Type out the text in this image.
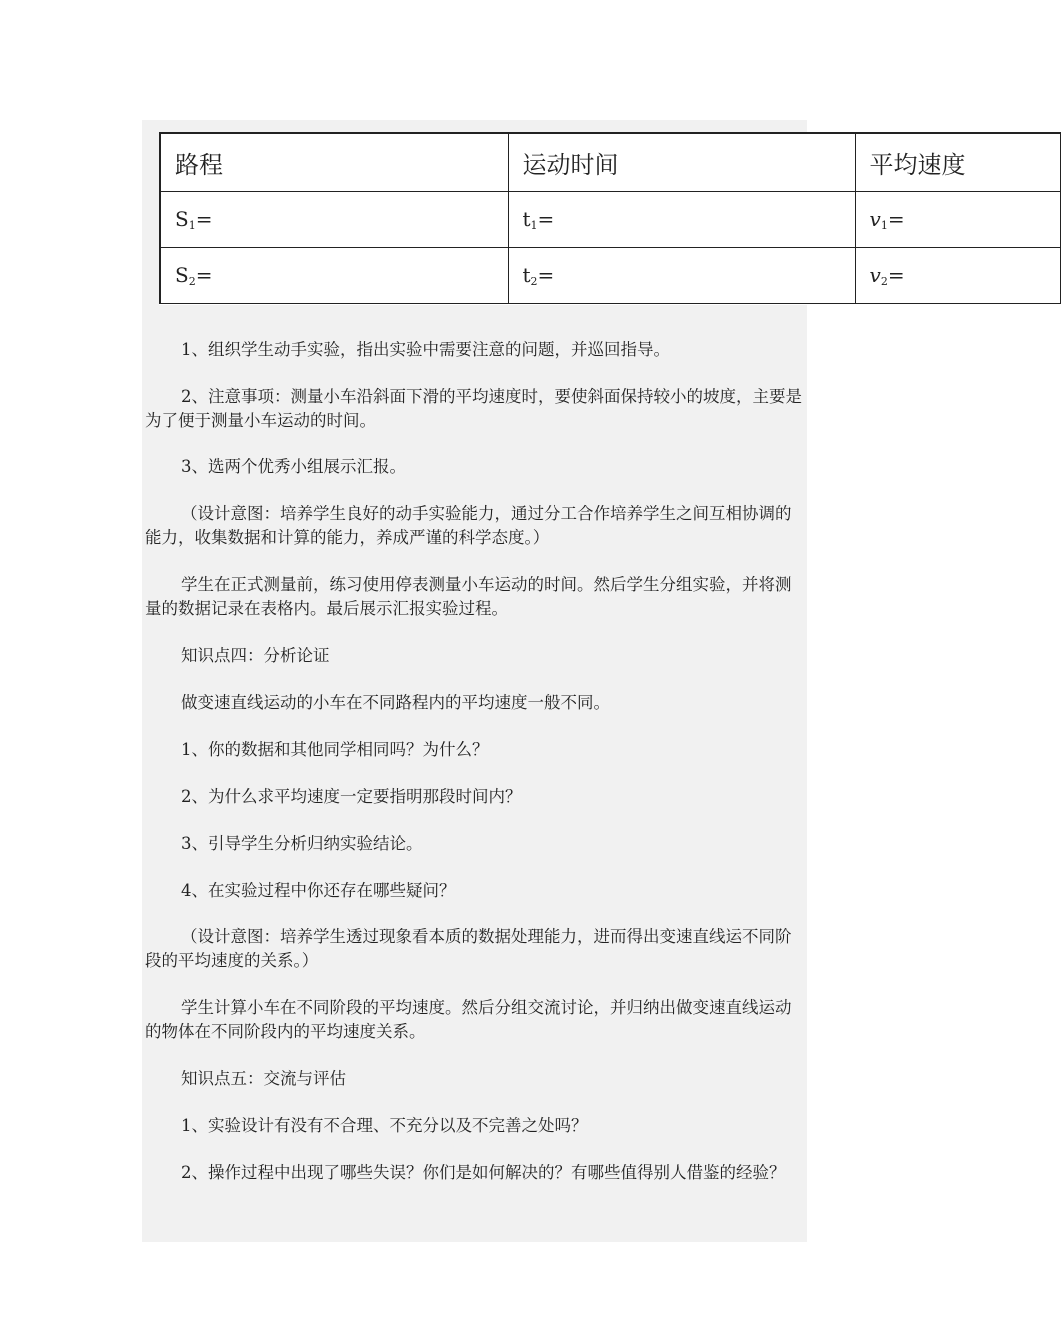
路程	运动时间	平均速度
$S_1=$	$t_1=$	$v_1=$
$S_2=$	$t_2=$	$v_2=$

1、组织学生动手实验，指出实验中需要注意的问题，并巡回指导。

2、注意事项：测量小车沿斜面下滑的平均速度时，要使斜面保持较小的坡度，主要是为了便于测量小车运动的时间。

3、选两个优秀小组展示汇报。

（设计意图：培养学生良好的动手实验能力，通过分工合作培养学生之间互相协调的能力，收集数据和计算的能力，养成严谨的科学态度。）

学生在正式测量前，练习使用停表测量小车运动的时间。然后学生分组实验，并将测量的数据记录在表格内。最后展示汇报实验过程。

知识点四：分析论证

做变速直线运动的小车在不同路程内的平均速度一般不同。

1、你的数据和其他同学相同吗？为什么？

2、为什么求平均速度一定要指明那段时间内？

3、引导学生分析归纳实验结论。

4、在实验过程中你还存在哪些疑问？

（设计意图：培养学生透过现象看本质的数据处理能力，进而得出变速直线运不同阶段的平均速度的关系。）

学生计算小车在不同阶段的平均速度。然后分组交流讨论，并归纳出做变速直线运动的物体在不同阶段内的平均速度关系。

知识点五：交流与评估

1、实验设计有没有不合理、不充分以及不完善之处吗？

2、操作过程中出现了哪些失误？你们是如何解决的？有哪些值得别人借鉴的经验？
